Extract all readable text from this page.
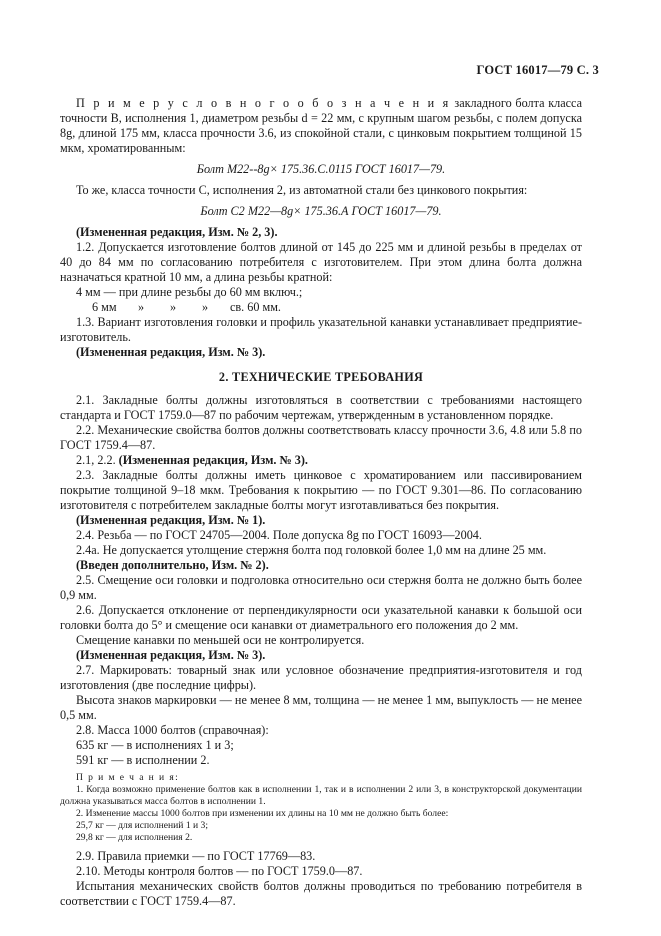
ГОСТ 16017—79 С. 3

П р и м е р у с л о в н о г о о б о з н а ч е н и я закладного болта класса точности В, исполнения 1, диаметром резьбы d = 22 мм, с крупным шагом резьбы, с полем допуска 8g, длиной 175 мм, класса прочности 3.6, из спокойной стали, с цинковым покрытием толщиной 15 мкм, хроматированным:

Болт М22--8g× 175.36.С.0115 ГОСТ 16017—79.

То же, класса точности С, исполнения 2, из автоматной стали без цинкового покрытия:

Болт С2 М22—8g× 175.36.А ГОСТ 16017—79.

(Измененная редакция, Изм. № 2, 3).

1.2. Допускается изготовление болтов длиной от 145 до 225 мм и длиной резьбы в пределах от 40 до 84 мм по согласованию потребителя с изготовителем. При этом длина болта должна назначаться кратной 10 мм, а длина резьбы кратной:

4 мм — при длине резьбы до 60 мм включ.;

6 мм	»	»	»	св. 60 мм.

1.3. Вариант изготовления головки и профиль указательной канавки устанавливает предприятие-изготовитель.

(Измененная редакция, Изм. № 3).

2. ТЕХНИЧЕСКИЕ ТРЕБОВАНИЯ

2.1. Закладные болты должны изготовляться в соответствии с требованиями настоящего стандарта и ГОСТ 1759.0—87 по рабочим чертежам, утвержденным в установленном порядке.

2.2. Механические свойства болтов должны соответствовать классу прочности 3.6, 4.8 или 5.8 по ГОСТ 1759.4—87.

2.1, 2.2. (Измененная редакция, Изм. № 3).

2.3. Закладные болты должны иметь цинковое с хроматированием или пассивированием покрытие толщиной 9–18 мкм. Требования к покрытию — по ГОСТ 9.301—86. По согласованию изготовителя с потребителем закладные болты могут изготавливаться без покрытия.

(Измененная редакция, Изм. № 1).

2.4. Резьба — по ГОСТ 24705—2004. Поле допуска 8g по ГОСТ 16093—2004.

2.4а. Не допускается утолщение стержня болта под головкой более 1,0 мм на длине 25 мм.

(Введен дополнительно, Изм. № 2).

2.5. Смещение оси головки и подголовка относительно оси стержня болта не должно быть более 0,9 мм.

2.6. Допускается отклонение от перпендикулярности оси указательной канавки к большой оси головки болта до 5° и смещение оси канавки от диаметрального его положения до 2 мм.

Смещение канавки по меньшей оси не контролируется.

(Измененная редакция, Изм. № 3).

2.7. Маркировать: товарный знак или условное обозначение предприятия-изготовителя и год изготовления (две последние цифры).

Высота знаков маркировки — не менее 8 мм, толщина — не менее 1 мм, выпуклость — не менее 0,5 мм.

2.8. Масса 1000 болтов (справочная):

635 кг — в исполнениях 1 и 3;

591 кг — в исполнении 2.

П р и м е ч а н и я:

1. Когда возможно применение болтов как в исполнении 1, так и в исполнении 2 или 3, в конструкторской документации должна указываться масса болтов в исполнении 1.

2. Изменение массы 1000 болтов при изменении их длины на 10 мм не должно быть более:

25,7 кг — для исполнений 1 и 3;

29,8 кг — для исполнения 2.

2.9. Правила приемки — по ГОСТ 17769—83.

2.10. Методы контроля болтов — по ГОСТ 1759.0—87.

Испытания механических свойств болтов должны проводиться по требованию потребителя в соответствии с ГОСТ 1759.4—87.
